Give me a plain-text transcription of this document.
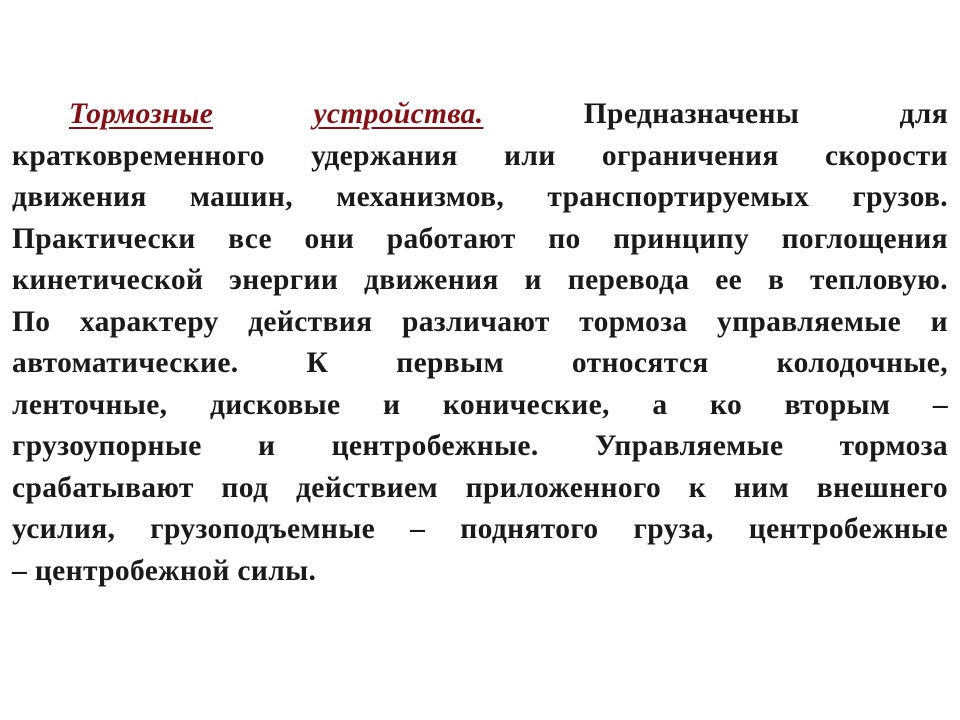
Тормозные	устройства.	Предназначены	для
кратковременного удержания или ограничения скорости
движения машин, механизмов, транспортируемых грузов.
Практически все они работают по принципу поглощения
кинетической энергии движения и перевода ее в тепловую.
По характеру действия различают тормоза управляемые и
автоматические. К первым относятся колодочные,
ленточные, дисковые и конические, а ко вторым –
грузоупорные и центробежные. Управляемые тормоза
срабатывают под действием приложенного к ним внешнего
усилия, грузоподъемные – поднятого груза, центробежные
– центробежной силы.
